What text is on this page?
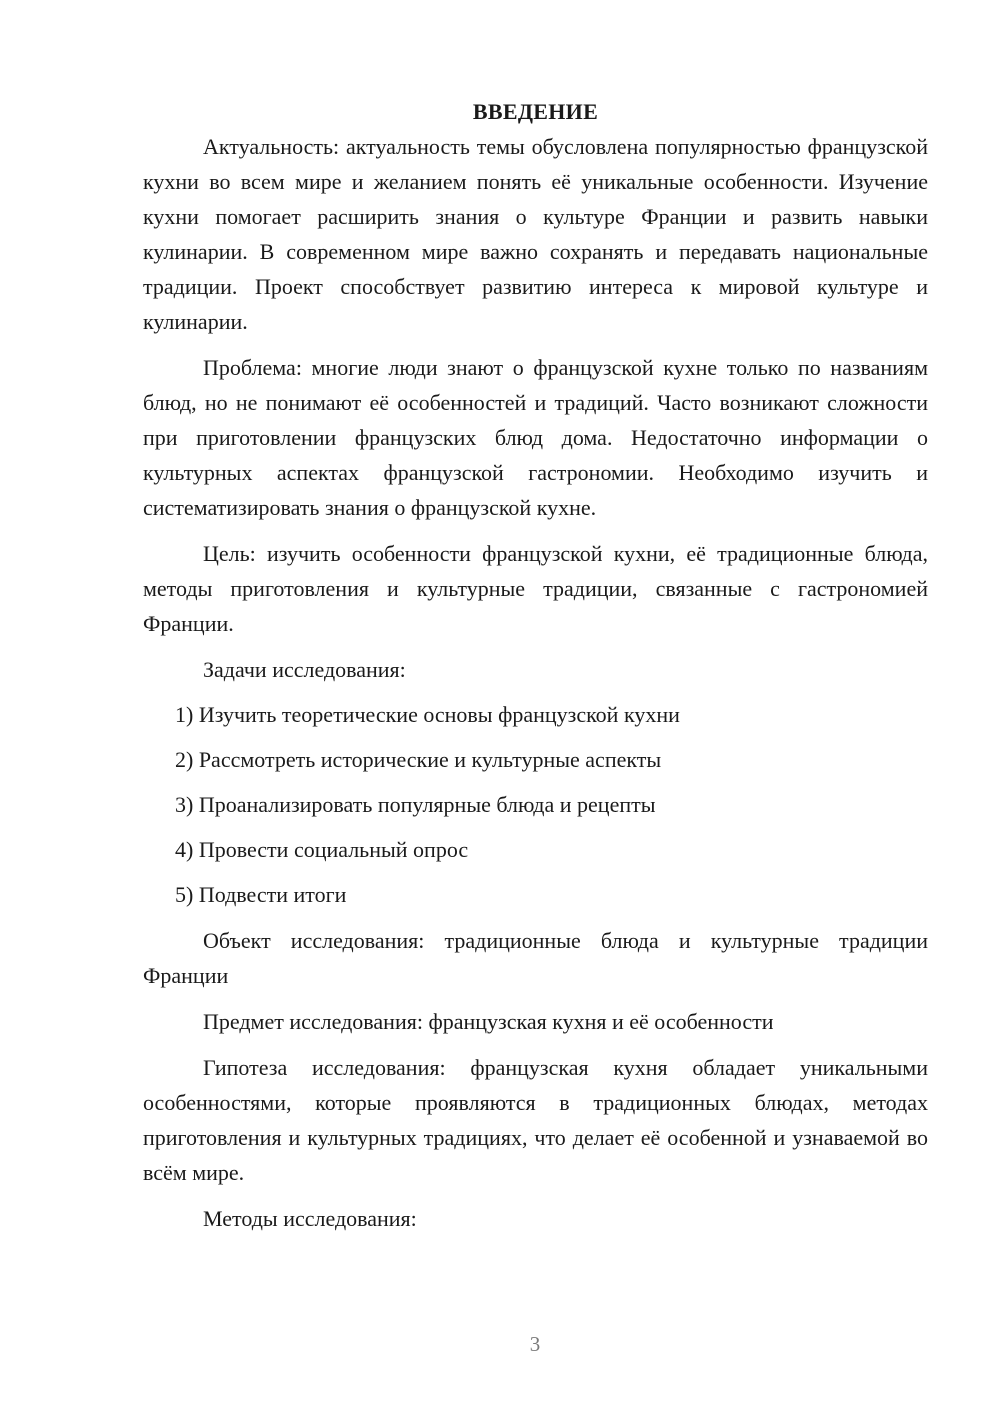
ВВЕДЕНИЕ

Актуальность: актуальность темы обусловлена популярностью французской кухни во всем мире и желанием понять её уникальные особенности. Изучение кухни помогает расширить знания о культуре Франции и развить навыки кулинарии. В современном мире важно сохранять и передавать национальные традиции. Проект способствует развитию интереса к мировой культуре и кулинарии.

Проблема: многие люди знают о французской кухне только по названиям блюд, но не понимают её особенностей и традиций. Часто возникают сложности при приготовлении французских блюд дома. Недостаточно информации о культурных аспектах французской гастрономии. Необходимо изучить и систематизировать знания о французской кухне.

Цель: изучить особенности французской кухни, её традиционные блюда, методы приготовления и культурные традиции, связанные с гастрономией Франции.

Задачи исследования:

1) Изучить теоретические основы французской кухни
2) Рассмотреть исторические и культурные аспекты
3) Проанализировать популярные блюда и рецепты
4) Провести социальный опрос
5) Подвести итоги

Объект исследования: традиционные блюда и культурные традиции Франции

Предмет исследования: французская кухня и её особенности

Гипотеза исследования: французская кухня обладает уникальными особенностями, которые проявляются в традиционных блюдах, методах приготовления и культурных традициях, что делает её особенной и узнаваемой во всём мире.

Методы исследования:

3
